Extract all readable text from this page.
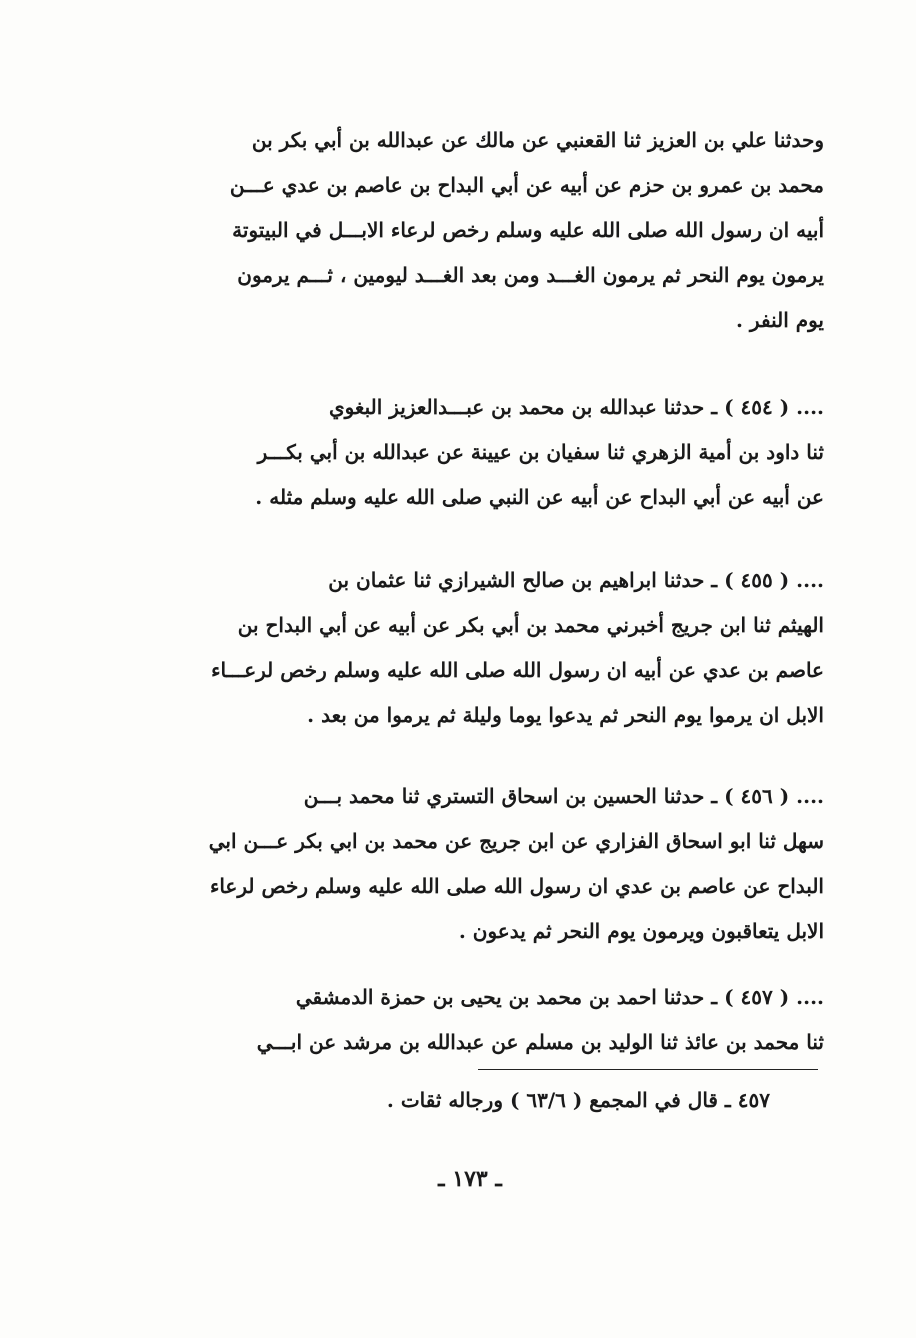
وحدثنا علي بن العزيز ثنا القعنبي عن مالك عن عبدالله بن أبي بكر بن
محمد بن عمرو بن حزم عن أبيه عن أبي البداح بن عاصم بن عدي عـــن
أبيه ان رسول الله صلى الله عليه وسلم رخص لرعاء الابـــل في البيتوتة
يرمون يوم النحر ثم يرمون الغـــد ومن بعد الغـــد ليومين ، ثـــم يرمون
يوم النفر .
.... ( ٤٥٤ ) ـ حدثنا عبدالله بن محمد بن عبـــدالعزيز البغوي
ثنا داود بن أمية الزهري ثنا سفيان بن عيينة عن عبدالله بن أبي بكـــر
عن أبيه عن أبي البداح عن أبيه عن النبي صلى الله عليه وسلم مثله .
.... ( ٤٥٥ ) ـ حدثنا ابراهيم بن صالح الشيرازي ثنا عثمان بن
الهيثم ثنا ابن جريج أخبرني محمد بن أبي بكر عن أبيه عن أبي البداح بن
عاصم بن عدي عن أبيه ان رسول الله صلى الله عليه وسلم رخص لرعـــاء
الابل ان يرموا يوم النحر ثم يدعوا يوما وليلة ثم يرموا من بعد .
.... ( ٤٥٦ ) ـ حدثنا الحسين بن اسحاق التستري ثنا محمد بـــن
سهل ثنا ابو اسحاق الفزاري عن ابن جريج عن محمد بن ابي بكر عـــن ابي
البداح عن عاصم بن عدي ان رسول الله صلى الله عليه وسلم رخص لرعاء
الابل يتعاقبون ويرمون يوم النحر ثم يدعون .
.... ( ٤٥٧ ) ـ حدثنا احمد بن محمد بن يحيى بن حمزة الدمشقي
ثنا محمد بن عائذ ثنا الوليد بن مسلم عن عبدالله بن مرشد عن ابـــي
٤٥٧ ـ قال في المجمع ( ٦٣/٦ ) ورجاله ثقات .
ـ ١٧٣ ـ
